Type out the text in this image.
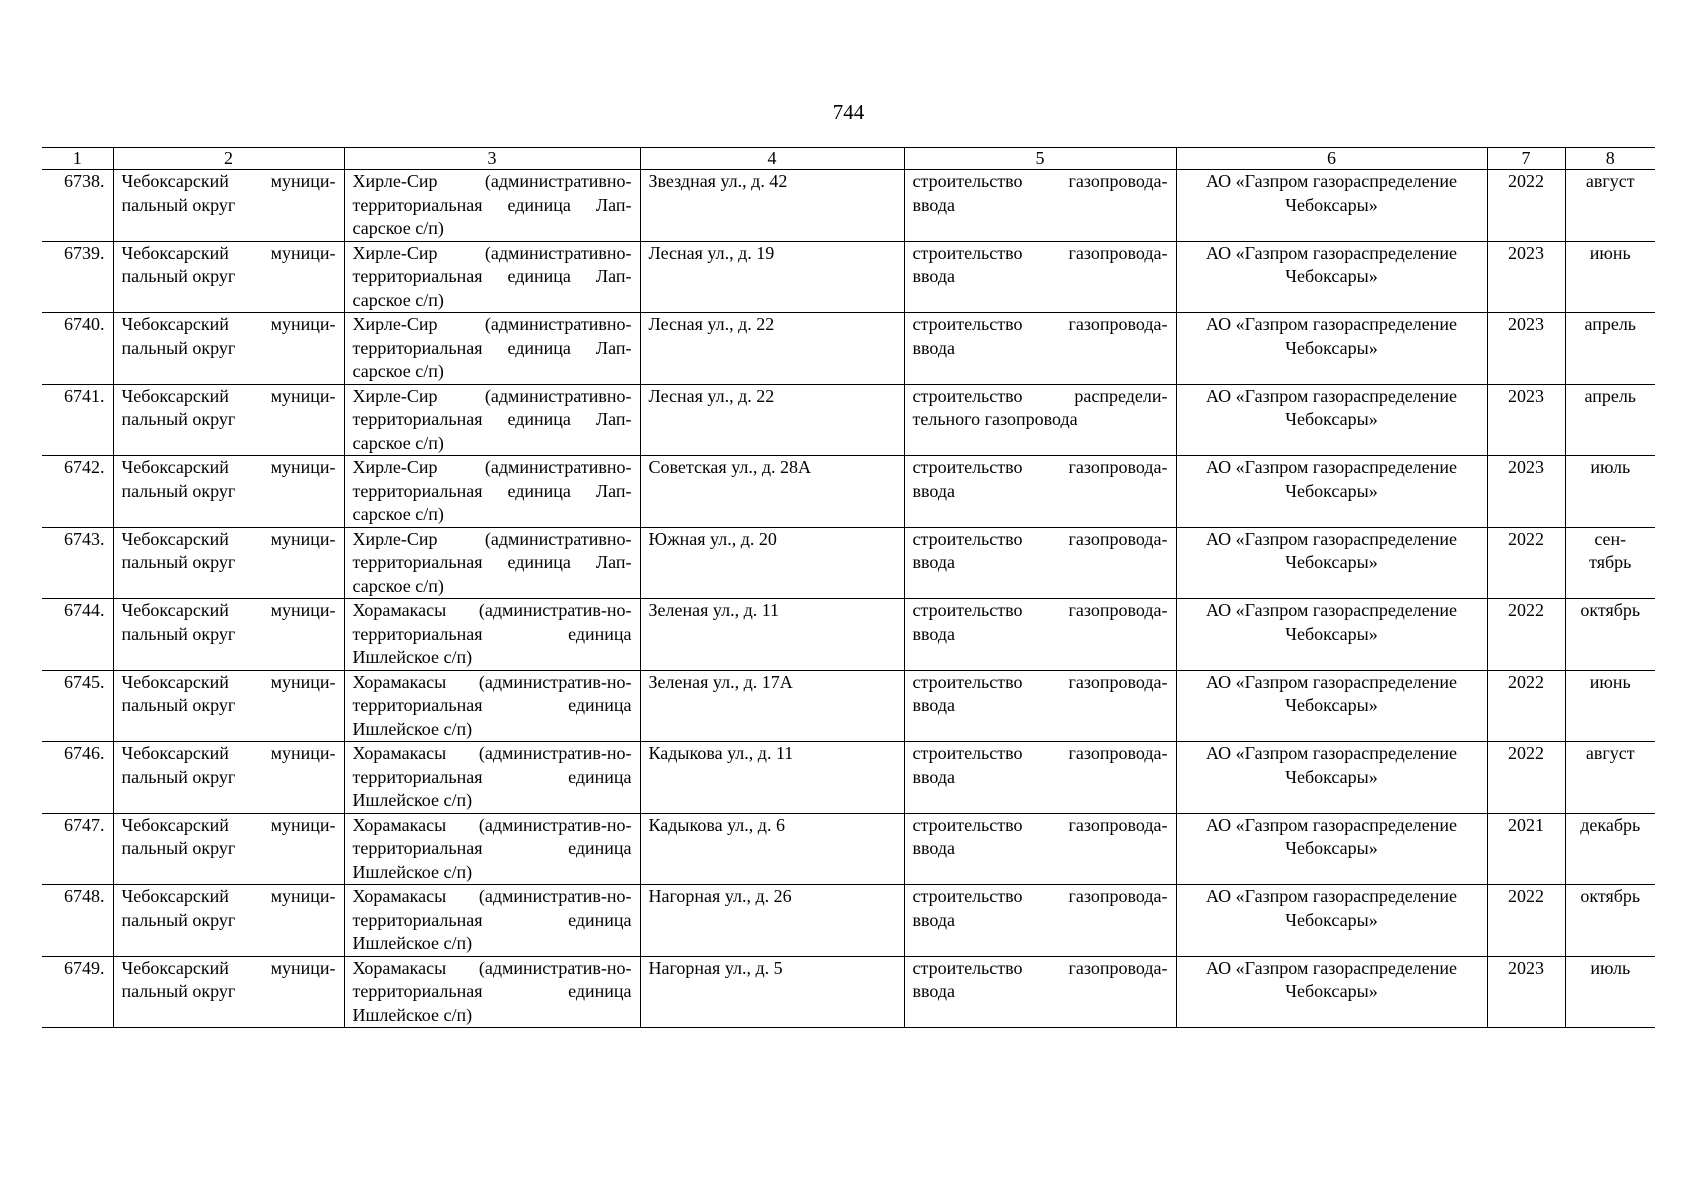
744
1	2	3	4	5	6	7	8
6738.	Чебоксарский муници-пальный округ	Хирле-Сир (административно-территориальная единица Лап-сарское с/п)	Звездная ул., д. 42	строительство газопровода-ввода	АО «Газпром газораспределение Чебоксары»	2022	август
6739.	Чебоксарский муници-пальный округ	Хирле-Сир (административно-территориальная единица Лап-сарское с/п)	Лесная ул., д. 19	строительство газопровода-ввода	АО «Газпром газораспределение Чебоксары»	2023	июнь
6740.	Чебоксарский муници-пальный округ	Хирле-Сир (административно-территориальная единица Лап-сарское с/п)	Лесная ул., д. 22	строительство газопровода-ввода	АО «Газпром газораспределение Чебоксары»	2023	апрель
6741.	Чебоксарский муници-пальный округ	Хирле-Сир (административно-территориальная единица Лап-сарское с/п)	Лесная ул., д. 22	строительство распредели-тельного газопровода	АО «Газпром газораспределение Чебоксары»	2023	апрель
6742.	Чебоксарский муници-пальный округ	Хирле-Сир (административно-территориальная единица Лап-сарское с/п)	Советская ул., д. 28А	строительство газопровода-ввода	АО «Газпром газораспределение Чебоксары»	2023	июль
6743.	Чебоксарский муници-пальный округ	Хирле-Сир (административно-территориальная единица Лап-сарское с/п)	Южная ул., д. 20	строительство газопровода-ввода	АО «Газпром газораспределение Чебоксары»	2022	сен-тябрь
6744.	Чебоксарский муници-пальный округ	Хорамакасы (административ-но-территориальная единица Ишлейское с/п)	Зеленая ул., д. 11	строительство газопровода-ввода	АО «Газпром газораспределение Чебоксары»	2022	октябрь
6745.	Чебоксарский муници-пальный округ	Хорамакасы (административ-но-территориальная единица Ишлейское с/п)	Зеленая ул., д. 17А	строительство газопровода-ввода	АО «Газпром газораспределение Чебоксары»	2022	июнь
6746.	Чебоксарский муници-пальный округ	Хорамакасы (административ-но-территориальная единица Ишлейское с/п)	Кадыкова ул., д. 11	строительство газопровода-ввода	АО «Газпром газораспределение Чебоксары»	2022	август
6747.	Чебоксарский муници-пальный округ	Хорамакасы (административ-но-территориальная единица Ишлейское с/п)	Кадыкова ул., д. 6	строительство газопровода-ввода	АО «Газпром газораспределение Чебоксары»	2021	декабрь
6748.	Чебоксарский муници-пальный округ	Хорамакасы (административ-но-территориальная единица Ишлейское с/п)	Нагорная ул., д. 26	строительство газопровода-ввода	АО «Газпром газораспределение Чебоксары»	2022	октябрь
6749.	Чебоксарский муници-пальный округ	Хорамакасы (административ-но-территориальная единица Ишлейское с/п)	Нагорная ул., д. 5	строительство газопровода-ввода	АО «Газпром газораспределение Чебоксары»	2023	июль
